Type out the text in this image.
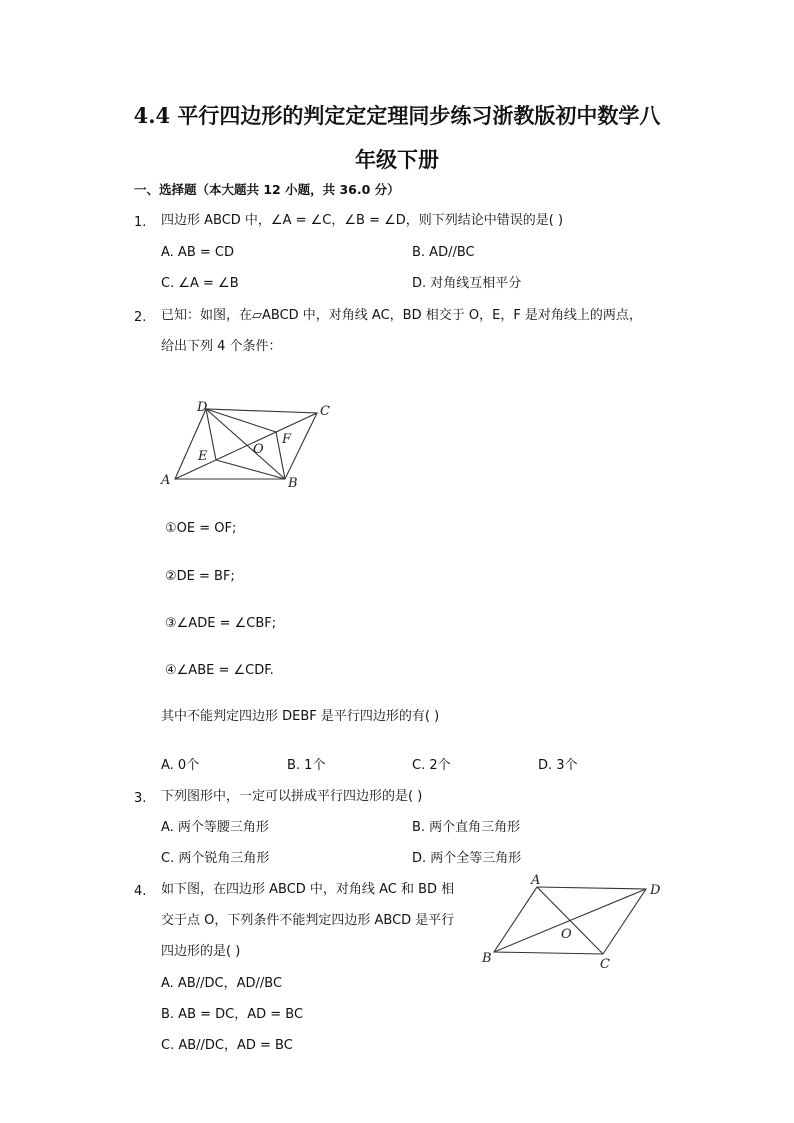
4.4 平行四边形的判定定定理同步练习浙教版初中数学八
年级下册
一、选择题（本大题共 12 小题，共 36.0 分）
1. 四边形 ABCD 中，∠A = ∠C，∠B = ∠D，则下列结论中错误的是( )
A. AB = CD	B. AD//BC
C. ∠A = ∠B	D. 对角线互相平分
2. 已知：如图，在▱ABCD 中，对角线 AC，BD 相交于 O，E，F 是对角线上的两点，
给出下列 4 个条件：
A	B
C
D
E
F
O
①OE = OF;
②DE = BF;
③∠ADE = ∠CBF;
④∠ABE = ∠CDF.
其中不能判定四边形 DEBF 是平行四边形的有( )
A. 0个	B. 1个	C. 2个	D. 3个
3. 下列图形中，一定可以拼成平行四边形的是( )
A. 两个等腰三角形	B. 两个直角三角形
C. 两个锐角三角形	D. 两个全等三角形
4. 如下图，在四边形 ABCD 中，对角线 AC 和 BD 相
交于点 O，下列条件不能判定四边形 ABCD 是平行
四边形的是( )
A
B	C
D
O
A. AB//DC，AD//BC
B. AB = DC，AD = BC
C. AB//DC，AD = BC
